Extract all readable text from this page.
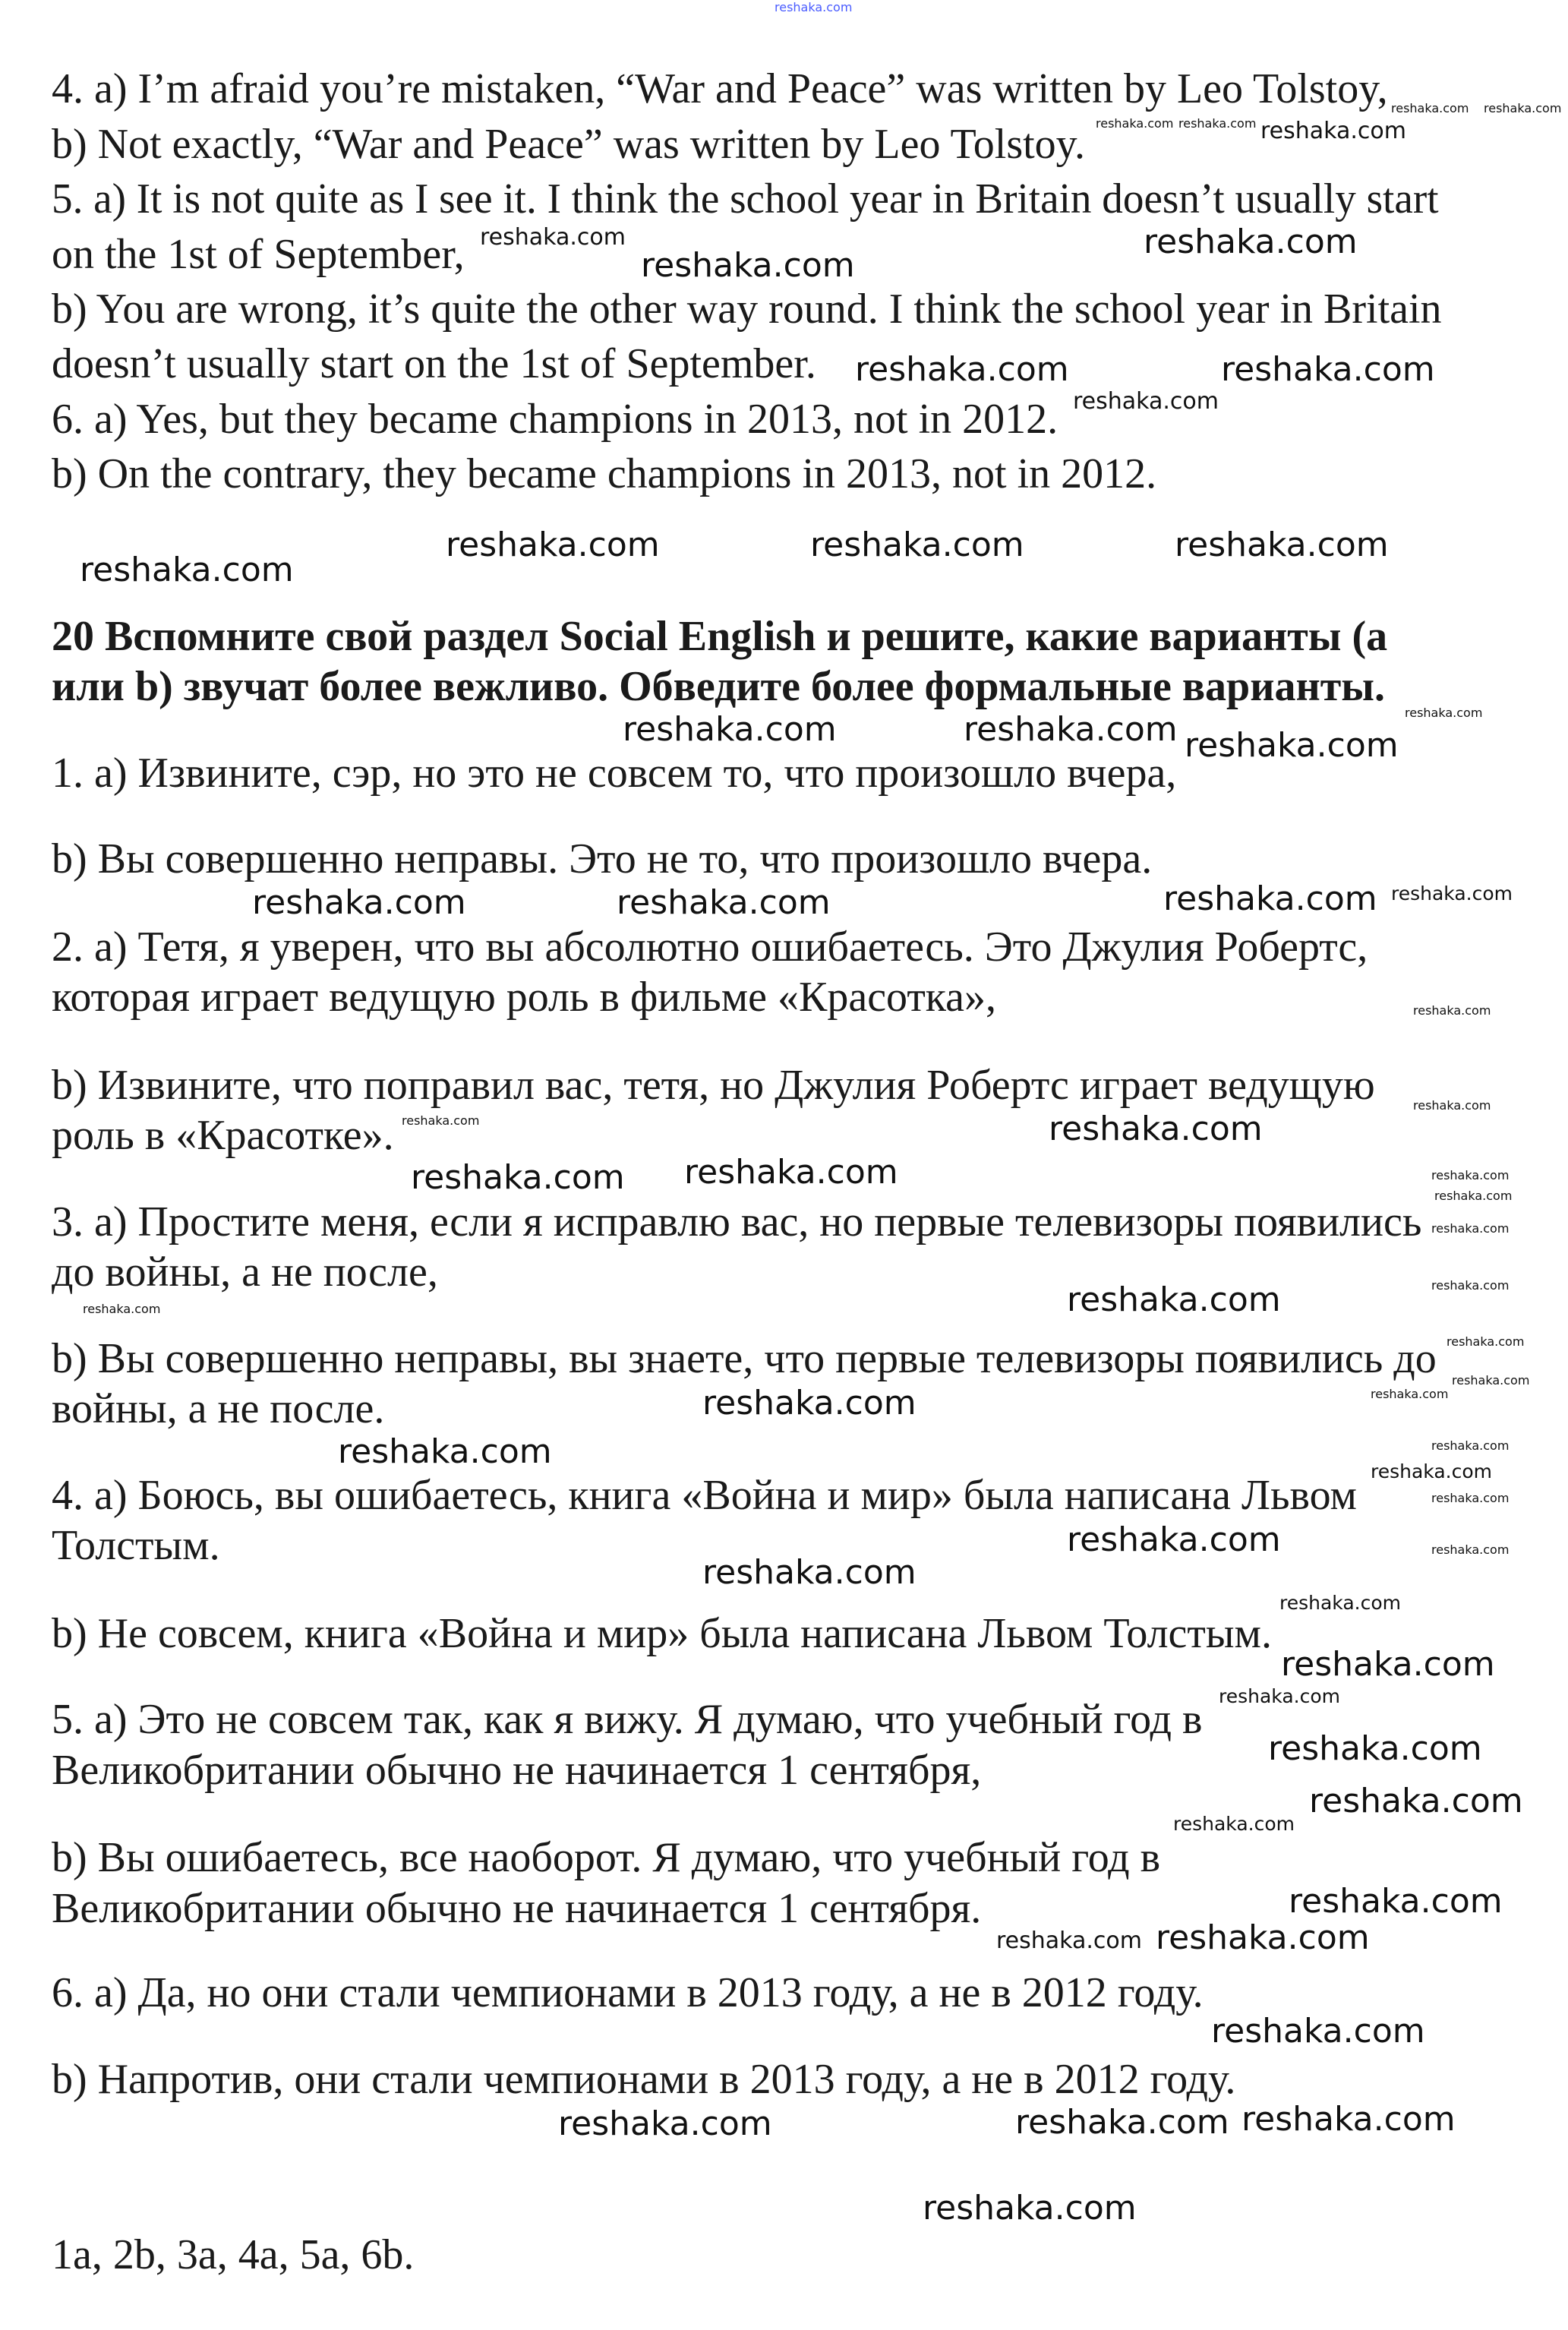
reshaka.com
4. a) I’m afraid you’re mistaken, “War and Peace” was written by Leo Tolstoy,
b) Not exactly, “War and Peace” was written by Leo Tolstoy.
5. a) It is not quite as I see it. I think the school year in Britain doesn’t usually start
on the 1st of September,
b) You are wrong, it’s quite the other way round. I think the school year in Britain
doesn’t usually start on the 1st of September.
6. a) Yes, but they became champions in 2013, not in 2012.
b) On the contrary, they became champions in 2013, not in 2012.
20 Вспомните свой раздел Social English и решите, какие варианты (а
или b) звучат более вежливо. Обведите более формальные варианты.
1. а) Извините, сэр, но это не совсем то, что произошло вчера,
b) Вы совершенно неправы. Это не то, что произошло вчера.
2. а) Тетя, я уверен, что вы абсолютно ошибаетесь. Это Джулия Робертс,
которая играет ведущую роль в фильме «Красотка»,
b) Извините, что поправил вас, тетя, но Джулия Робертс играет ведущую
роль в «Красотке».
3. а) Простите меня, если я исправлю вас, но первые телевизоры появились
до войны, а не после,
b) Вы совершенно неправы, вы знаете, что первые телевизоры появились до
войны, а не после.
4. а) Боюсь, вы ошибаетесь, книга «Война и мир» была написана Львом
Толстым.
b) Не совсем, книга «Война и мир» была написана Львом Толстым.
5. а) Это не совсем так, как я вижу. Я думаю, что учебный год в
Великобритании обычно не начинается 1 сентября,
b) Вы ошибаетесь, все наоборот. Я думаю, что учебный год в
Великобритании обычно не начинается 1 сентября.
6. а) Да, но они стали чемпионами в 2013 году, а не в 2012 году.
b) Напротив, они стали чемпионами в 2013 году, а не в 2012 году.
1a, 2b, 3a, 4a, 5a, 6b.
reshaka.com reshaka.com
reshaka.com reshaka.com reshaka.com
reshaka.com
reshaka.com
reshaka.com
reshaka.com	reshaka.com
reshaka.com
reshaka.com
reshaka.com	reshaka.com	reshaka.com
reshaka.com
reshaka.com	reshaka.com	reshaka.com
reshaka.com	reshaka.com	reshaka.com reshaka.com
reshaka.com
reshaka.com
reshaka.com	reshaka.com
reshaka.com
reshaka.com reshaka.com	reshaka.com
reshaka.com
reshaka.com
reshaka.com	reshaka.com
reshaka.com
reshaka.com
reshaka.com	reshaka.com
reshaka.com
reshaka.com
reshaka.com
reshaka.com
reshaka.com	reshaka.com
reshaka.com
reshaka.com
reshaka.com
reshaka.com
reshaka.com
reshaka.com
reshaka.com
reshaka.com reshaka.com
reshaka.com
reshaka.com
reshaka.com
reshaka.com	reshaka.com
reshaka.com
